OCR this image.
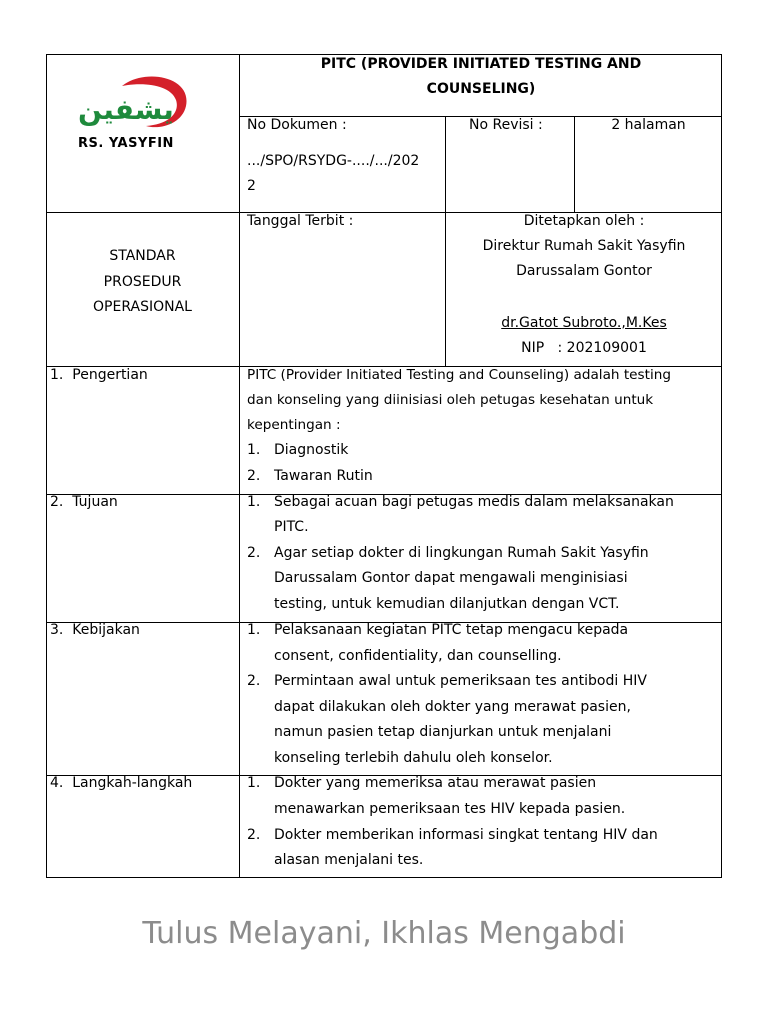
يشفين
RS. YASYFIN
PITC (PROVIDER INITIATED TESTING AND
COUNSELING)
No Dokumen :
.../SPO/RSYDG-..../.../202
2
No Revisi :	2 halaman
STANDAR
PROSEDUR
OPERASIONAL
Tanggal Terbit :	Ditetapkan oleh :
Direktur Rumah Sakit Yasyfin
Darussalam Gontor
dr.Gatot Subroto.,M.Kes
NIP   : 202109001
1.  Pengertian	PITC (Provider Initiated Testing and Counseling) adalah testing
dan konseling yang diinisiasi oleh petugas kesehatan untuk
kepentingan :
1. Diagnostik
2. Tawaran Rutin
2.  Tujuan	1. Sebagai acuan bagi petugas medis dalam melaksanakan
PITC.
2. Agar setiap dokter di lingkungan Rumah Sakit Yasyfin
Darussalam Gontor dapat mengawali menginisiasi
testing, untuk kemudian dilanjutkan dengan VCT.
3.  Kebijakan	1. Pelaksanaan kegiatan PITC tetap mengacu kepada
consent, confidentiality, dan counselling.
2. Permintaan awal untuk pemeriksaan tes antibodi HIV
dapat dilakukan oleh dokter yang merawat pasien,
namun pasien tetap dianjurkan untuk menjalani
konseling terlebih dahulu oleh konselor.
4.  Langkah-langkah	1. Dokter yang memeriksa atau merawat pasien
menawarkan pemeriksaan tes HIV kepada pasien.
2. Dokter memberikan informasi singkat tentang HIV dan
alasan menjalani tes.
Tulus Melayani, Ikhlas Mengabdi
